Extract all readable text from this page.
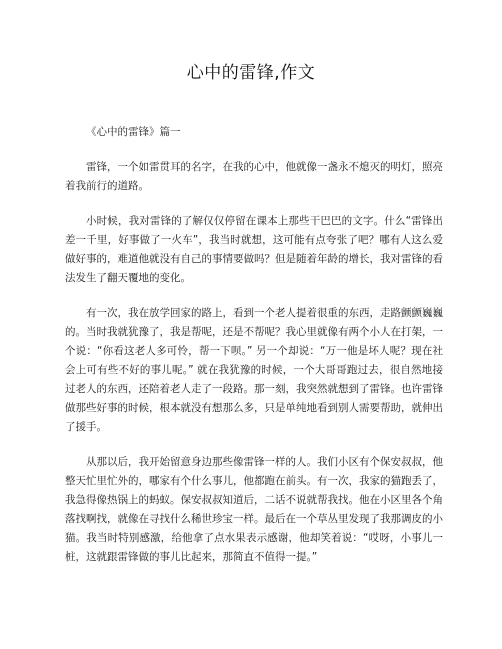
心中的雷锋,作文

《心中的雷锋》篇一

雷锋，一个如雷贯耳的名字，在我的心中，他就像一盏永不熄灭的明灯，照亮着我前行的道路。

小时候，我对雷锋的了解仅仅停留在课本上那些干巴巴的文字。什么“雷锋出差一千里，好事做了一火车”，我当时就想，这可能有点夸张了吧？哪有人这么爱做好事的，难道他就没有自己的事情要做吗？但是随着年龄的增长，我对雷锋的看法发生了翻天覆地的变化。

有一次，我在放学回家的路上，看到一个老人提着很重的东西，走路颤颤巍巍的。当时我就犹豫了，我是帮呢，还是不帮呢？我心里就像有两个小人在打架，一个说：“你看这老人多可怜，帮一下呗。” 另一个却说：“万一他是坏人呢？现在社会上可有些不好的事儿呢。” 就在我犹豫的时候，一个大哥哥跑过去，很自然地接过老人的东西，还陪着老人走了一段路。那一刻，我突然就想到了雷锋。也许雷锋做那些好事的时候，根本就没有想那么多，只是单纯地看到别人需要帮助，就伸出了援手。

从那以后，我开始留意身边那些像雷锋一样的人。我们小区有个保安叔叔，他整天忙里忙外的，哪家有个什么事儿，他都跑在前头。有一次，我家的猫跑丢了，我急得像热锅上的蚂蚁。保安叔叔知道后，二话不说就帮我找。他在小区里各个角落找啊找，就像在寻找什么稀世珍宝一样。最后在一个草丛里发现了我那调皮的小猫。我当时特别感激，给他拿了点水果表示感谢，他却笑着说：“哎呀，小事儿一桩，这就跟雷锋做的事儿比起来，那简直不值得一提。”
